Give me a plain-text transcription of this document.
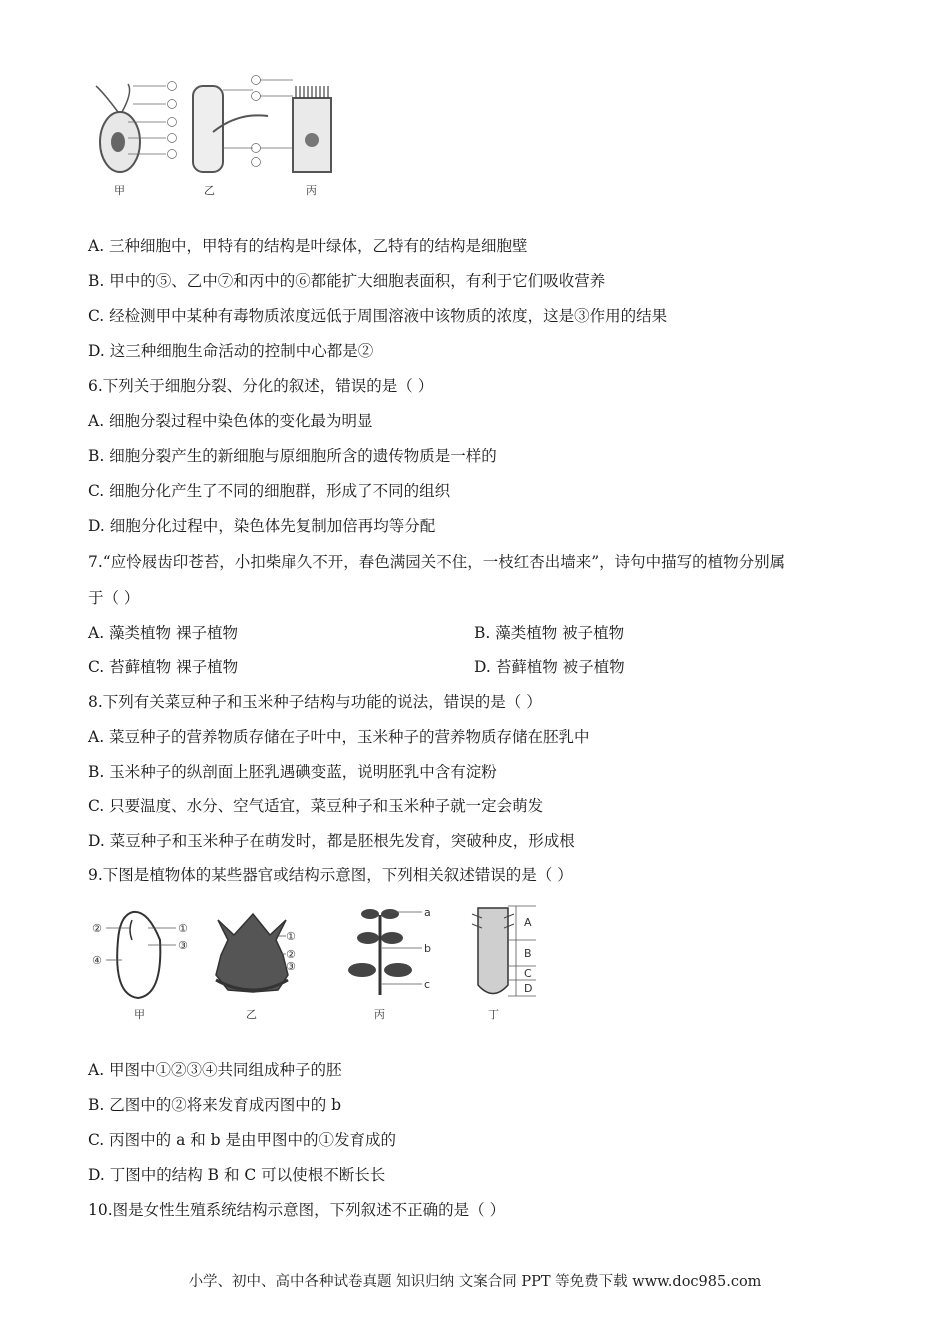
甲	乙	丙
A. 三种细胞中，甲特有的结构是叶绿体，乙特有的结构是细胞壁
B. 甲中的⑤、乙中⑦和丙中的⑥都能扩大细胞表面积，有利于它们吸收营养
C. 经检测甲中某种有毒物质浓度远低于周围溶液中该物质的浓度，这是③作用的结果
D. 这三种细胞生命活动的控制中心都是②
6.下列关于细胞分裂、分化的叙述，错误的是（ ）
A. 细胞分裂过程中染色体的变化最为明显
B. 细胞分裂产生的新细胞与原细胞所含的遗传物质是一样的
C. 细胞分化产生了不同的细胞群，形成了不同的组织
D. 细胞分化过程中，染色体先复制加倍再均等分配
7.“应怜屐齿印苍苔，小扣柴扉久不开，春色满园关不住，一枝红杏出墙来”，诗句中描写的植物分别属
于（ ）
A. 藻类植物 裸子植物	B. 藻类植物 被子植物
C. 苔藓植物 裸子植物	D. 苔藓植物 被子植物
8.下列有关菜豆种子和玉米种子结构与功能的说法，错误的是（ ）
A. 菜豆种子的营养物质存储在子叶中，玉米种子的营养物质存储在胚乳中
B. 玉米种子的纵剖面上胚乳遇碘变蓝，说明胚乳中含有淀粉
C. 只要温度、水分、空气适宜，菜豆种子和玉米种子就一定会萌发
D. 菜豆种子和玉米种子在萌发时，都是胚根先发育，突破种皮，形成根
9.下图是植物体的某些器官或结构示意图，下列相关叙述错误的是（ ）
②	①
③
④
甲
①
②
③
乙
a
b
c
丙
A
B
C
D
丁
A. 甲图中①②③④共同组成种子的胚
B. 乙图中的②将来发育成丙图中的 b
C. 丙图中的 a 和 b 是由甲图中的①发育成的
D. 丁图中的结构 B 和 C 可以使根不断长长
10.图是女性生殖系统结构示意图，下列叙述不正确的是（ ）
小学、初中、高中各种试卷真题 知识归纳 文案合同 PPT 等免费下载 www.doc985.com
